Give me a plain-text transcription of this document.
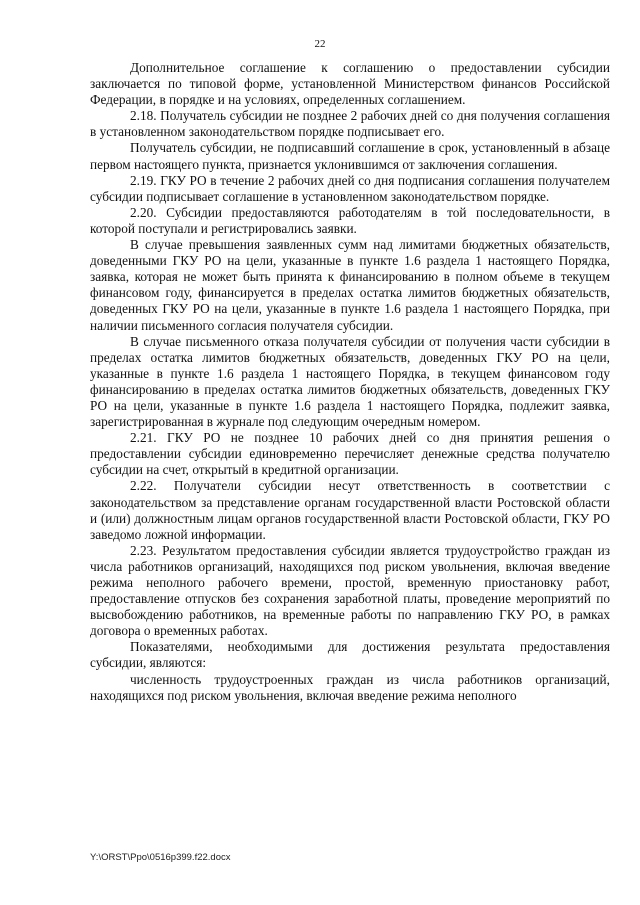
22

Дополнительное соглашение к соглашению о предоставлении субсидии заключается по типовой форме, установленной Министерством финансов Российской Федерации, в порядке и на условиях, определенных соглашением.

2.18. Получатель субсидии не позднее 2 рабочих дней со дня получения соглашения в установленном законодательством порядке подписывает его.

Получатель субсидии, не подписавший соглашение в срок, установленный в абзаце первом настоящего пункта, признается уклонившимся от заключения соглашения.

2.19. ГКУ РО в течение 2 рабочих дней со дня подписания соглашения получателем субсидии подписывает соглашение в установленном законодательством порядке.

2.20. Субсидии предоставляются работодателям в той последовательности, в которой поступали и регистрировались заявки.

В случае превышения заявленных сумм над лимитами бюджетных обязательств, доведенными ГКУ РО на цели, указанные в пункте 1.6 раздела 1 настоящего Порядка, заявка, которая не может быть принята к финансированию в полном объеме в текущем финансовом году, финансируется в пределах остатка лимитов бюджетных обязательств, доведенных ГКУ РО на цели, указанные в пункте 1.6 раздела 1 настоящего Порядка, при наличии письменного согласия получателя субсидии.

В случае письменного отказа получателя субсидии от получения части субсидии в пределах остатка лимитов бюджетных обязательств, доведенных ГКУ РО на цели, указанные в пункте 1.6 раздела 1 настоящего Порядка, в текущем финансовом году финансированию в пределах остатка лимитов бюджетных обязательств, доведенных ГКУ РО на цели, указанные в пункте 1.6 раздела 1 настоящего Порядка, подлежит заявка, зарегистрированная в журнале под следующим очередным номером.

2.21. ГКУ РО не позднее 10 рабочих дней со дня принятия решения о предоставлении субсидии единовременно перечисляет денежные средства получателю субсидии на счет, открытый в кредитной организации.

2.22. Получатели субсидии несут ответственность в соответствии с законодательством за представление органам государственной власти Ростовской области и (или) должностным лицам органов государственной власти Ростовской области, ГКУ РО заведомо ложной информации.

2.23. Результатом предоставления субсидии является трудоустройство граждан из числа работников организаций, находящихся под риском увольнения, включая введение режима неполного рабочего времени, простой, временную приостановку работ, предоставление отпусков без сохранения заработной платы, проведение мероприятий по высвобождению работников, на временные работы по направлению ГКУ РО, в рамках договора о временных работах.

Показателями, необходимыми для достижения результата предоставления субсидии, являются:

численность трудоустроенных граждан из числа работников организаций, находящихся под риском увольнения, включая введение режима неполного

Y:\ORST\Ppo\0516p399.f22.docx
